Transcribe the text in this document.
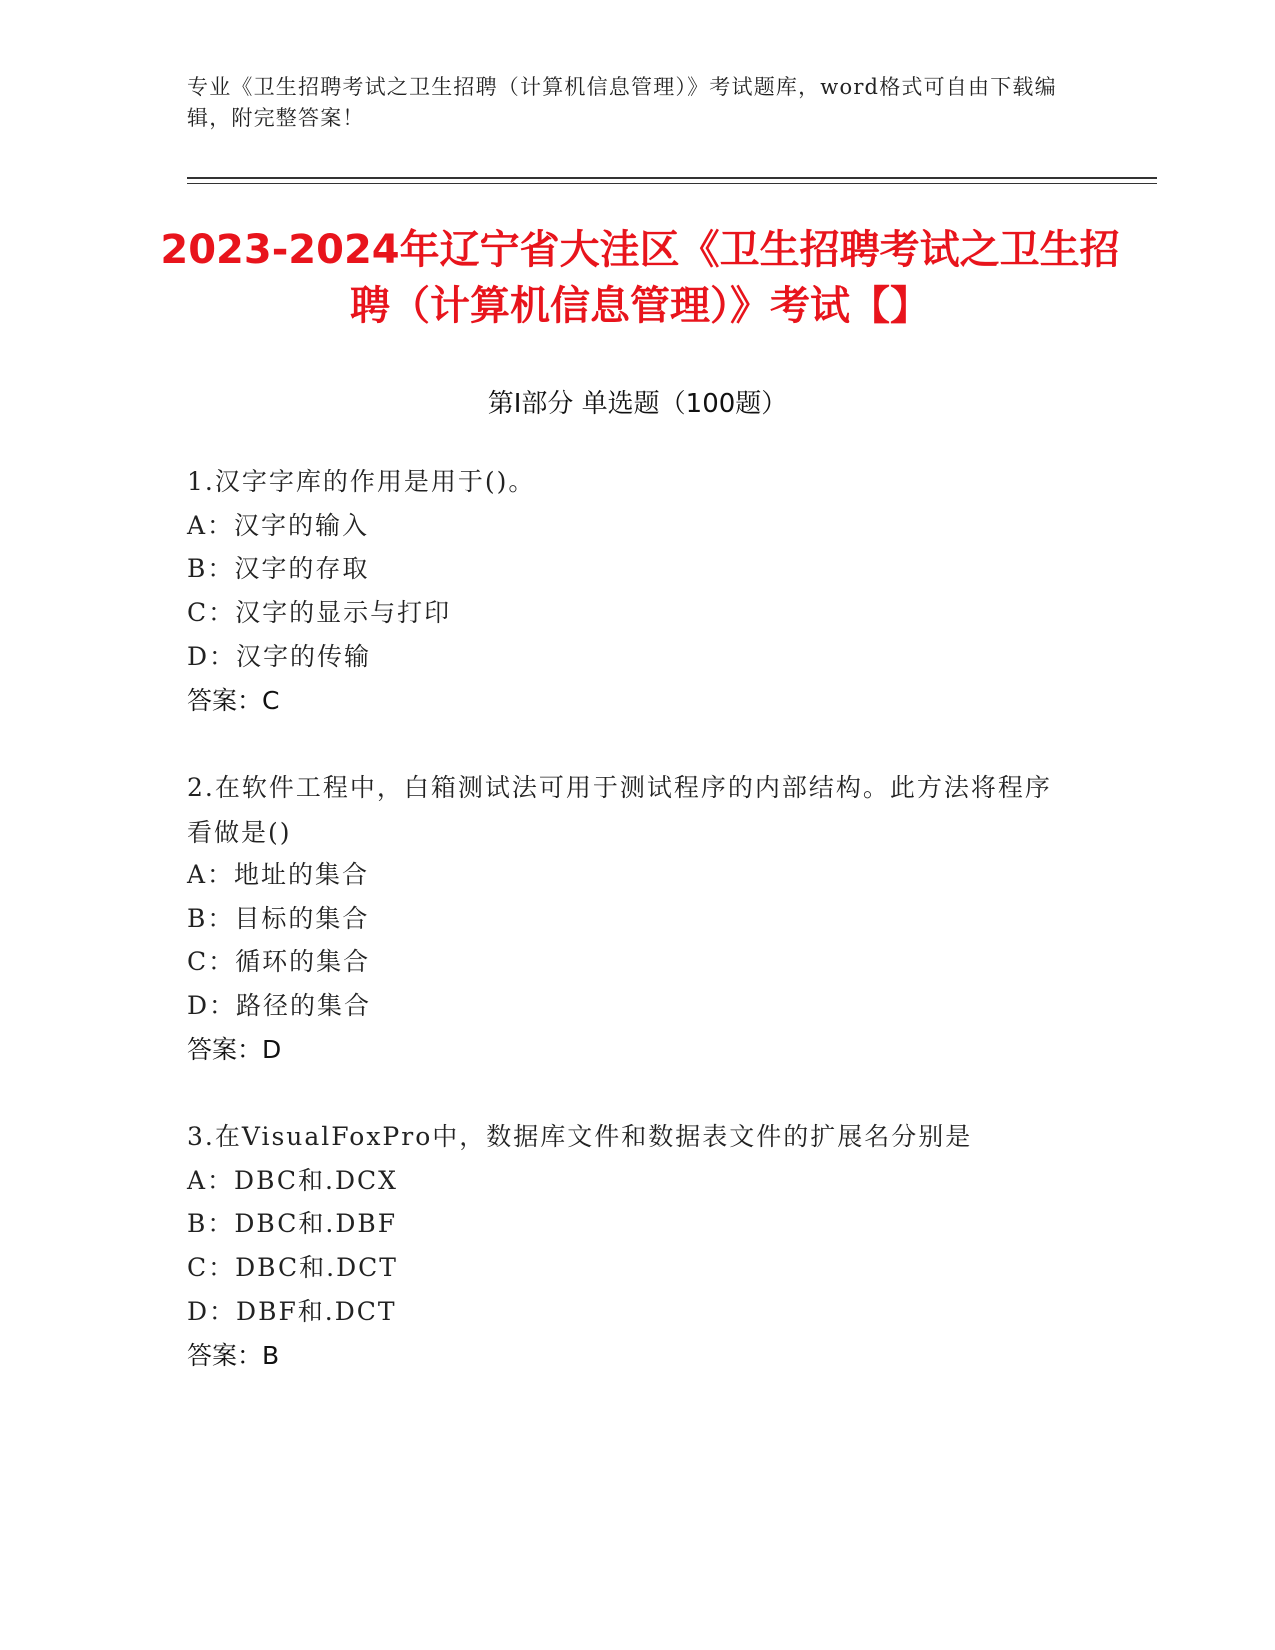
专业《卫生招聘考试之卫生招聘（计算机信息管理）》考试题库，word格式可自由下载编辑，附完整答案！
2023-2024年辽宁省大洼区《卫生招聘考试之卫生招聘（计算机信息管理）》考试【】
第Ⅰ部分 单选题（100题）
1.汉字字库的作用是用于()。
A：汉字的输入
B：汉字的存取
C：汉字的显示与打印
D：汉字的传输
答案：C
2.在软件工程中，白箱测试法可用于测试程序的内部结构。此方法将程序看做是()
A：地址的集合
B：目标的集合
C：循环的集合
D：路径的集合
答案：D
3.在VisualFoxPro中，数据库文件和数据表文件的扩展名分别是
A：DBC和.DCX
B：DBC和.DBF
C：DBC和.DCT
D：DBF和.DCT
答案：B
